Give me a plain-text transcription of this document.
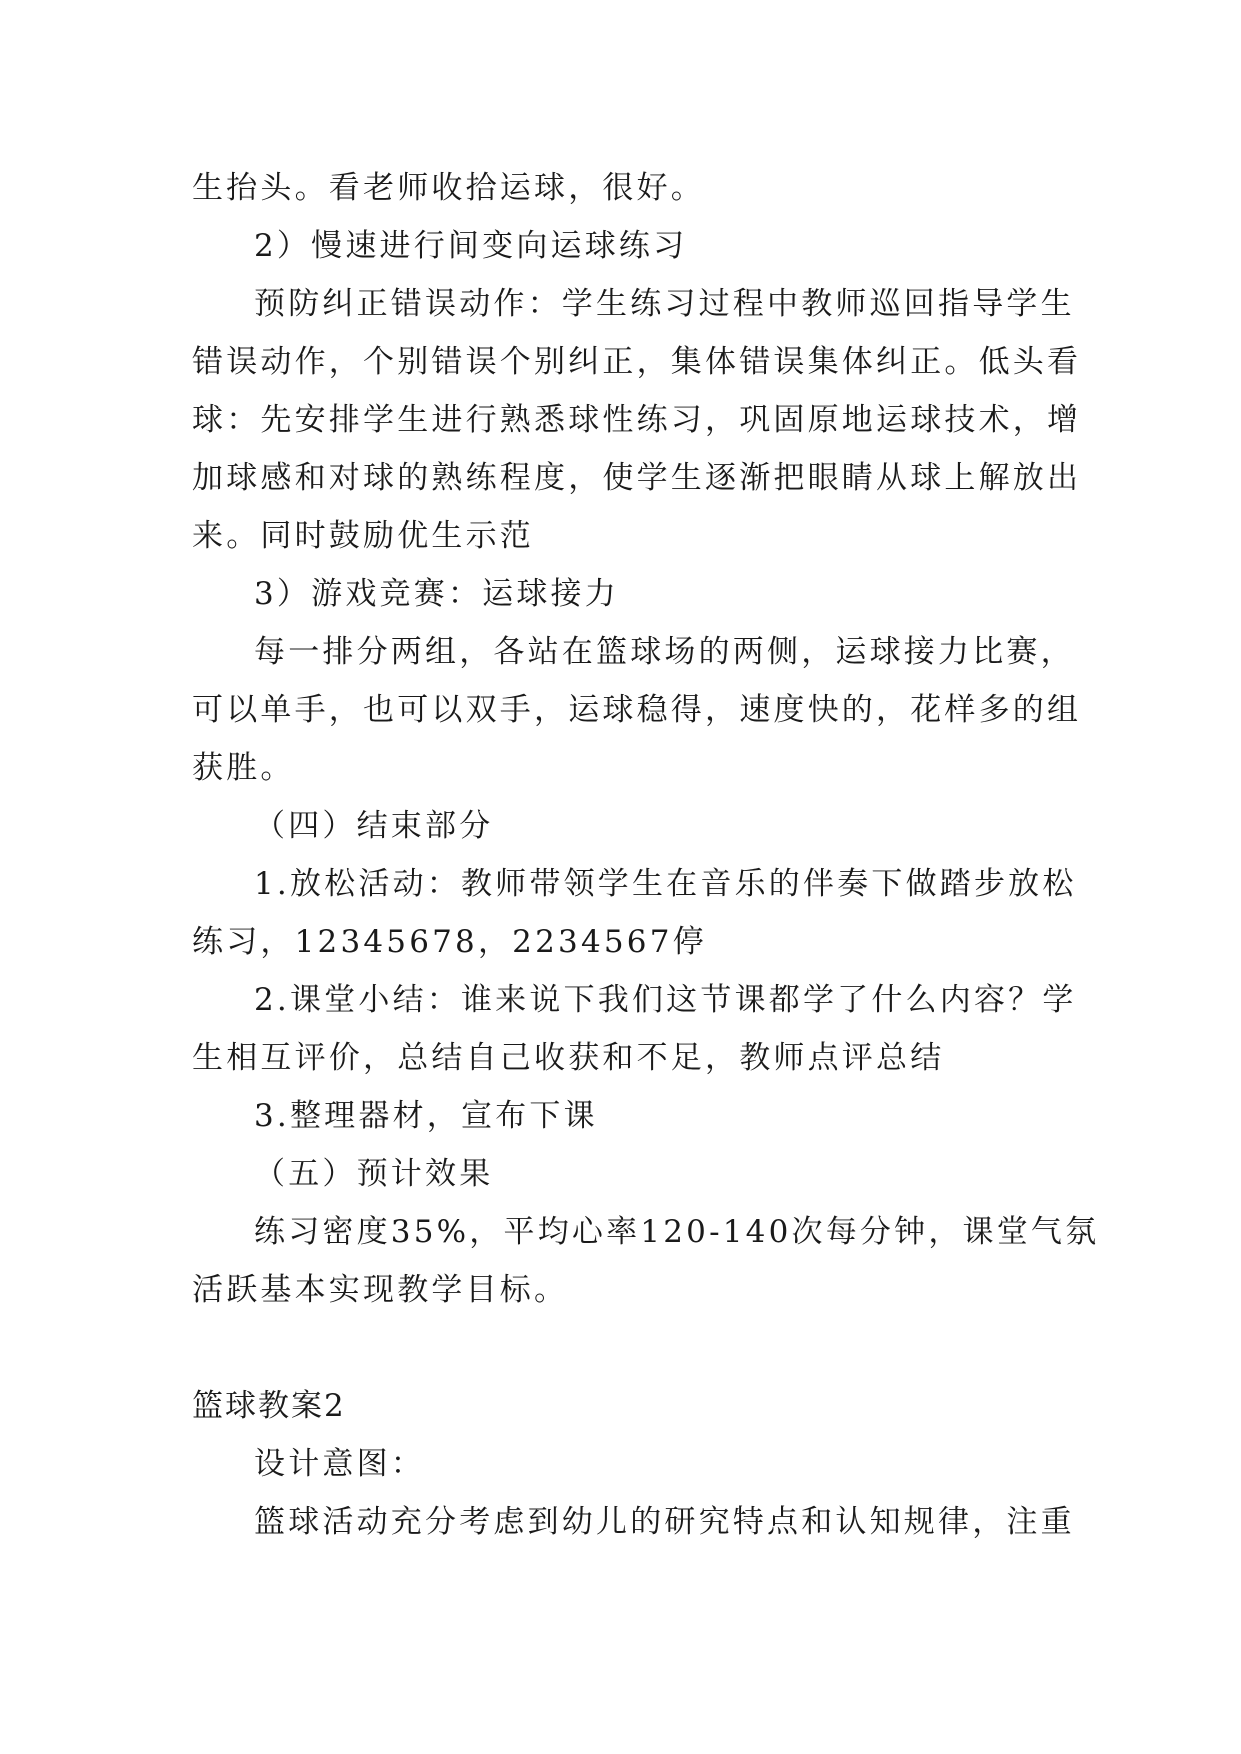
生抬头。看老师收拾运球，很好。
2）慢速进行间变向运球练习
预防纠正错误动作：学生练习过程中教师巡回指导学生
错误动作，个别错误个别纠正，集体错误集体纠正。低头看
球：先安排学生进行熟悉球性练习，巩固原地运球技术，增
加球感和对球的熟练程度，使学生逐渐把眼睛从球上解放出
来。同时鼓励优生示范
3）游戏竞赛：运球接力
每一排分两组，各站在篮球场的两侧，运球接力比赛，
可以单手，也可以双手，运球稳得，速度快的，花样多的组
获胜。
（四）结束部分
1.放松活动：教师带领学生在音乐的伴奏下做踏步放松
练习，12345678，2234567停
2.课堂小结：谁来说下我们这节课都学了什么内容？学
生相互评价，总结自己收获和不足，教师点评总结
3.整理器材，宣布下课
（五）预计效果
练习密度35%，平均心率120-140次每分钟，课堂气氛
活跃基本实现教学目标。
篮球教案2
设计意图：
篮球活动充分考虑到幼儿的研究特点和认知规律，注重
